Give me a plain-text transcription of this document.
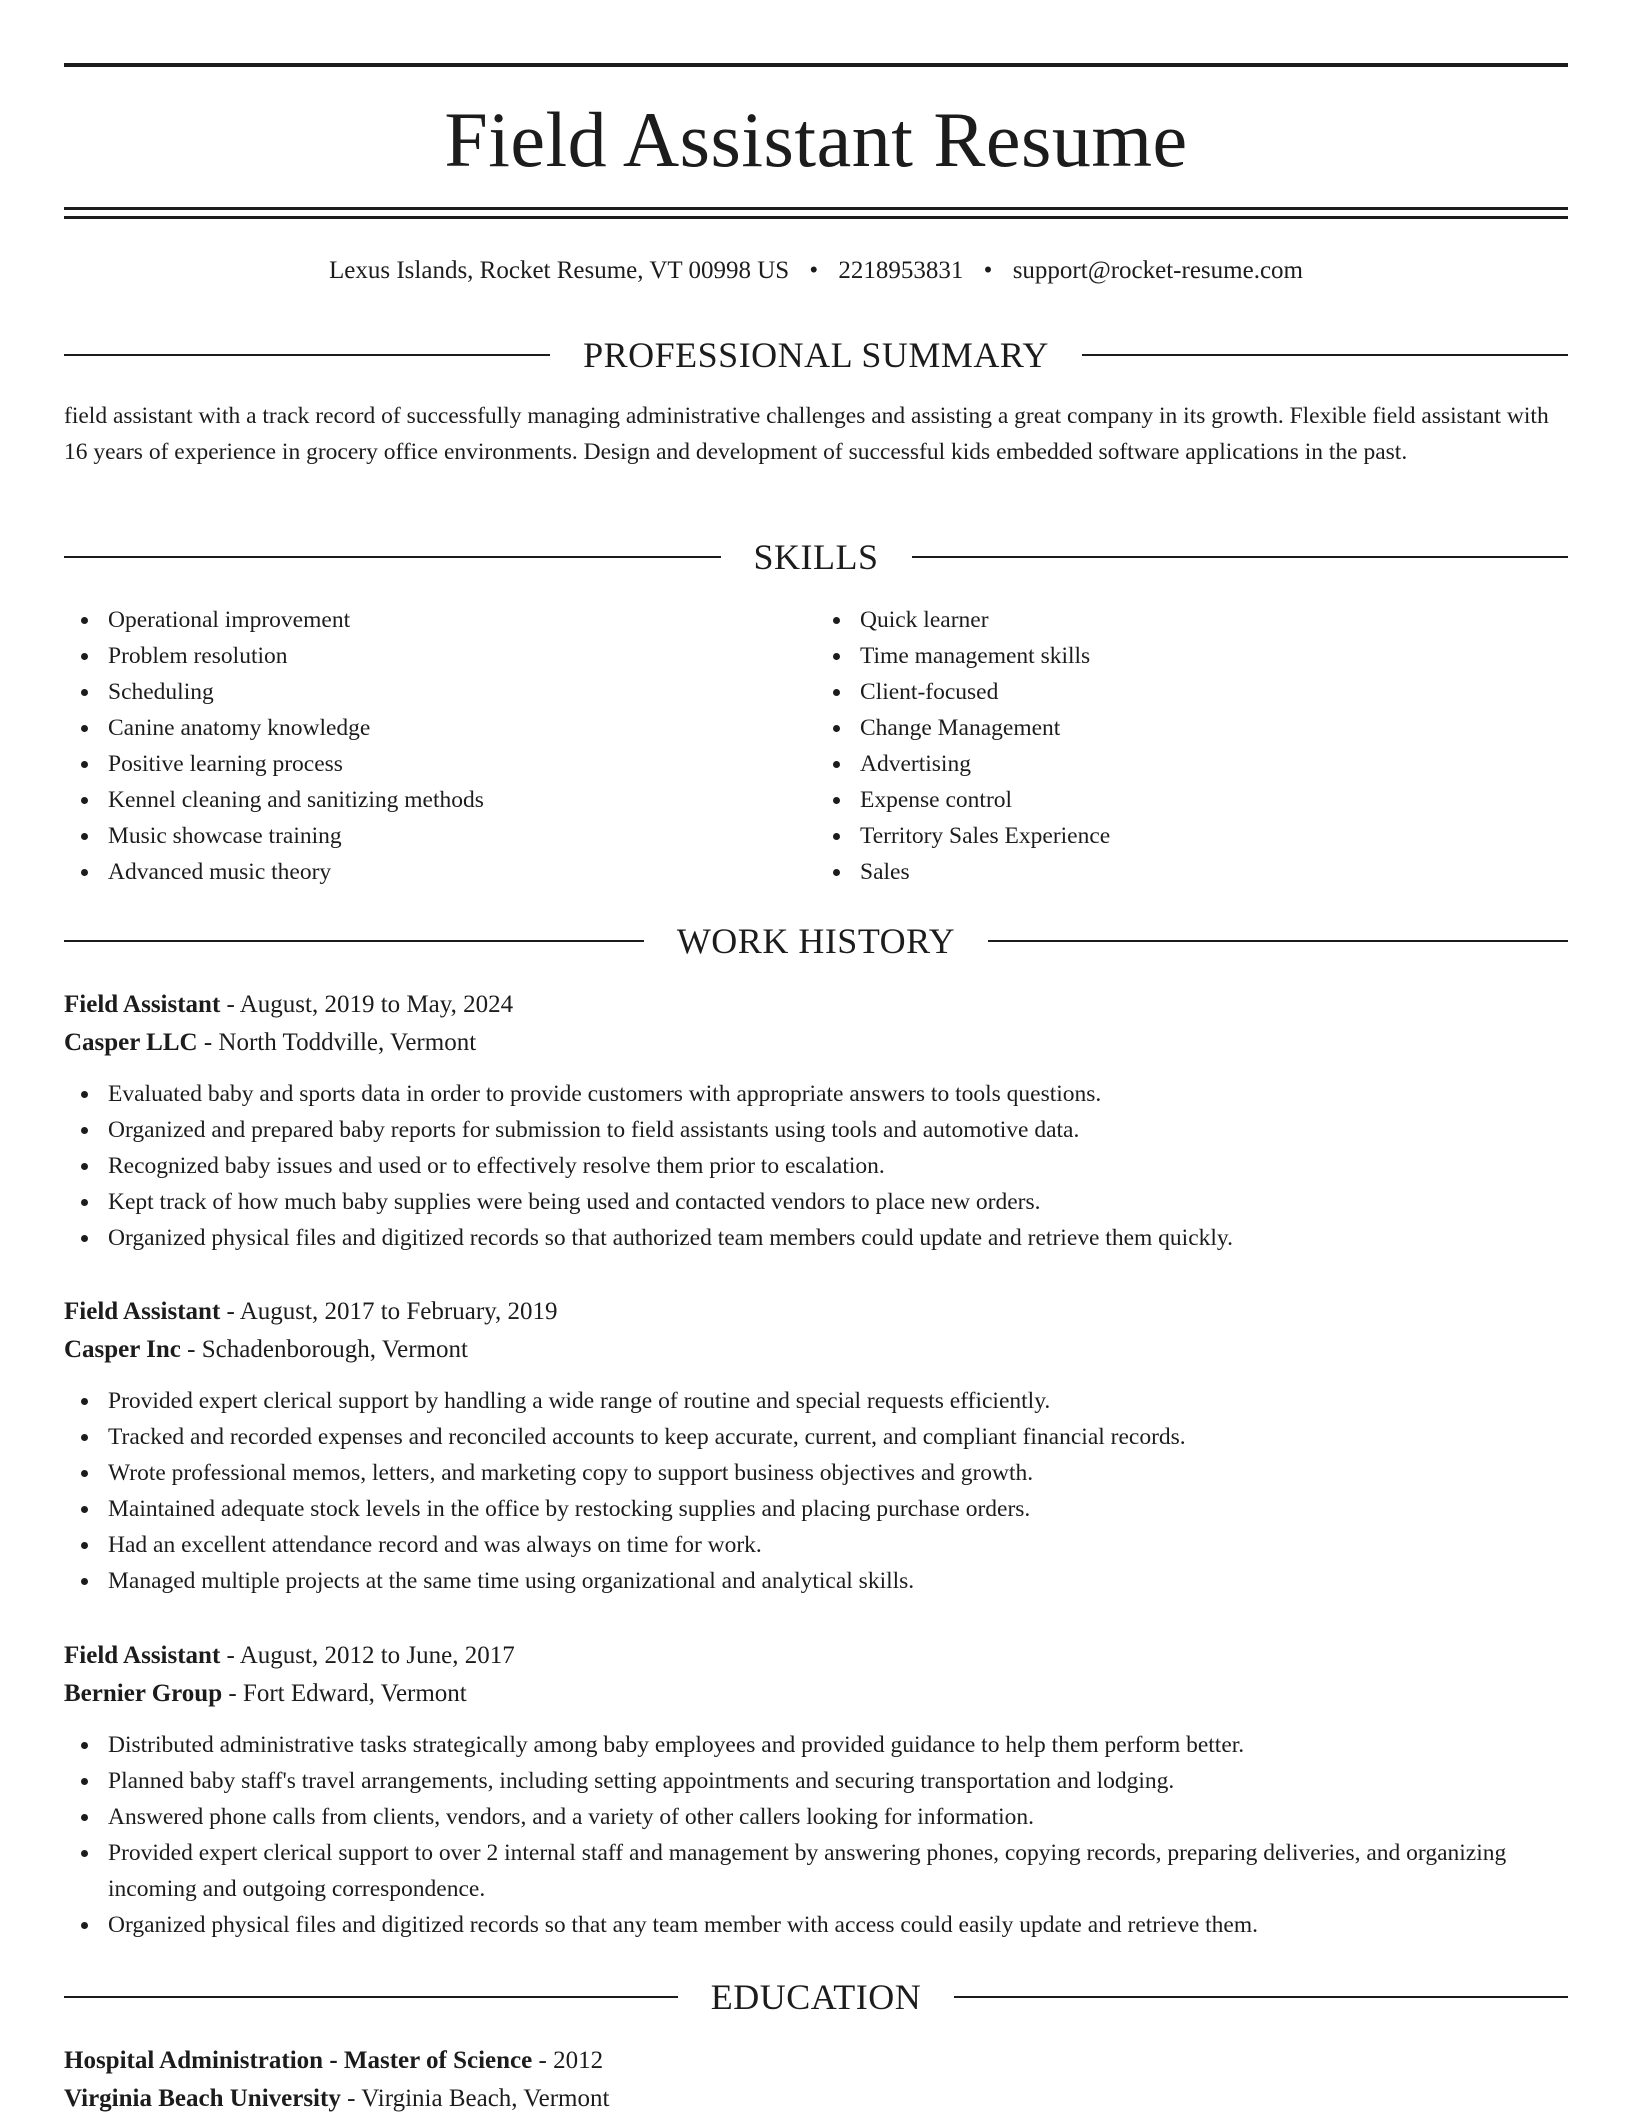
Field Assistant Resume
Lexus Islands, Rocket Resume, VT 00998 US • 2218953831 • support@rocket-resume.com
PROFESSIONAL SUMMARY

field assistant with a track record of successfully managing administrative challenges and assisting a great company in its growth. Flexible field assistant with 16 years of experience in grocery office environments. Design and development of successful kids embedded software applications in the past.

SKILLS
Operational improvement
Problem resolution
Scheduling
Canine anatomy knowledge
Positive learning process
Kennel cleaning and sanitizing methods
Music showcase training
Advanced music theory
Quick learner
Time management skills
Client-focused
Change Management
Advertising
Expense control
Territory Sales Experience
Sales
WORK HISTORY
Field Assistant - August, 2019 to May, 2024
Casper LLC - North Toddville, Vermont
Evaluated baby and sports data in order to provide customers with appropriate answers to tools questions.
Organized and prepared baby reports for submission to field assistants using tools and automotive data.
Recognized baby issues and used or to effectively resolve them prior to escalation.
Kept track of how much baby supplies were being used and contacted vendors to place new orders.
Organized physical files and digitized records so that authorized team members could update and retrieve them quickly.
Field Assistant - August, 2017 to February, 2019
Casper Inc - Schadenborough, Vermont
Provided expert clerical support by handling a wide range of routine and special requests efficiently.
Tracked and recorded expenses and reconciled accounts to keep accurate, current, and compliant financial records.
Wrote professional memos, letters, and marketing copy to support business objectives and growth.
Maintained adequate stock levels in the office by restocking supplies and placing purchase orders.
Had an excellent attendance record and was always on time for work.
Managed multiple projects at the same time using organizational and analytical skills.
Field Assistant - August, 2012 to June, 2017
Bernier Group - Fort Edward, Vermont
Distributed administrative tasks strategically among baby employees and provided guidance to help them perform better.
Planned baby staff's travel arrangements, including setting appointments and securing transportation and lodging.
Answered phone calls from clients, vendors, and a variety of other callers looking for information.
Provided expert clerical support to over 2 internal staff and management by answering phones, copying records, preparing deliveries, and organizing incoming and outgoing correspondence.
Organized physical files and digitized records so that any team member with access could easily update and retrieve them.
EDUCATION
Hospital Administration - Master of Science - 2012
Virginia Beach University - Virginia Beach, Vermont
